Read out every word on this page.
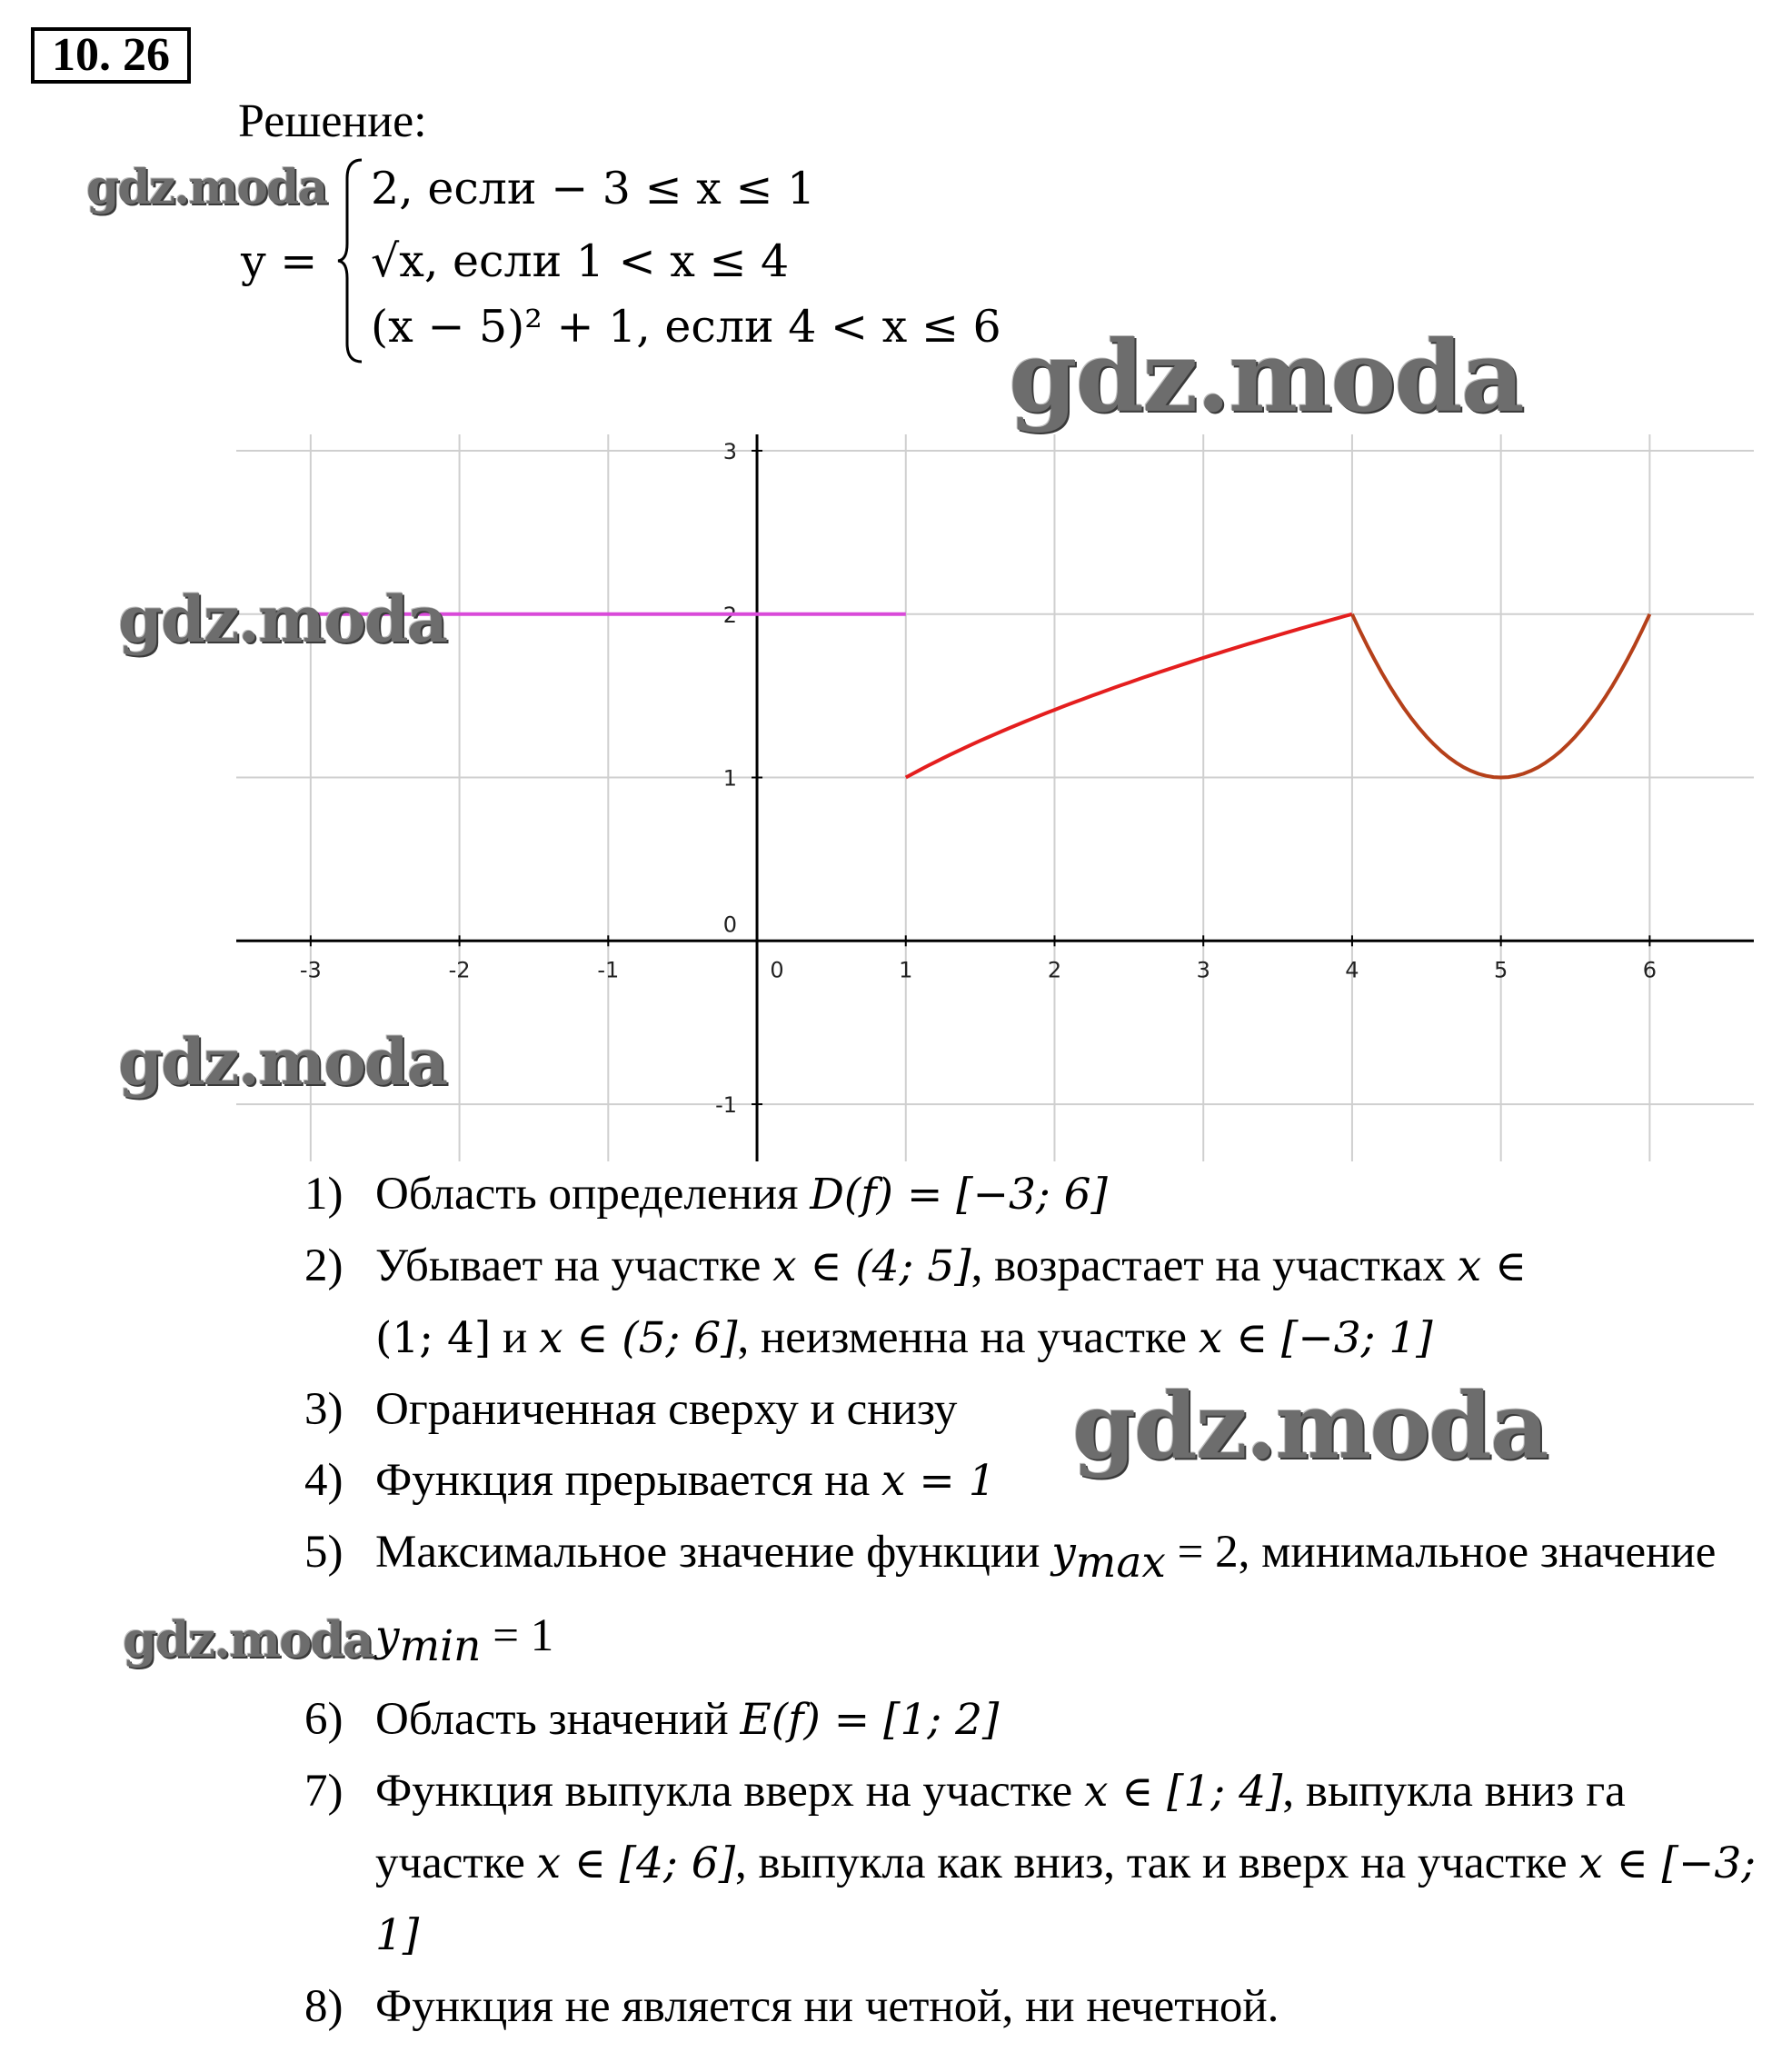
10. 26
Решение:
y =
2, если − 3 ≤ x ≤ 1
√x, если 1 < x ≤ 4
(x − 5)² + 1, если 4 < x ≤ 6
gdz.moda
gdz.moda
-3	-2	-1	0	1	2	3	4	5	6
-1
0
1
2
3
gdz.moda
gdz.moda

1) Область определения D(f) = [−3; 6]

2) Убывает на участке x ∈ (4; 5], возрастает на участках x ∈
(1; 4] и x ∈ (5; 6], неизменна на участке x ∈ [−3; 1]

3) Ограниченная сверху и снизу

4) Функция прерывается на x = 1

5) Максимальное значение функции $y_{max} = 2$, минимальное значение $y_{min} = 1$

6) Область значений E(f) = [1; 2]

7) Функция выпукла вверх на участке x ∈ [1; 4], выпукла вниз га участке x ∈ [4; 6], выпукла как вниз, так и вверх на участке x ∈ [−3; 1]

8) Функция не является ни четной, ни нечетной.

gdz.moda
gdz.moda
